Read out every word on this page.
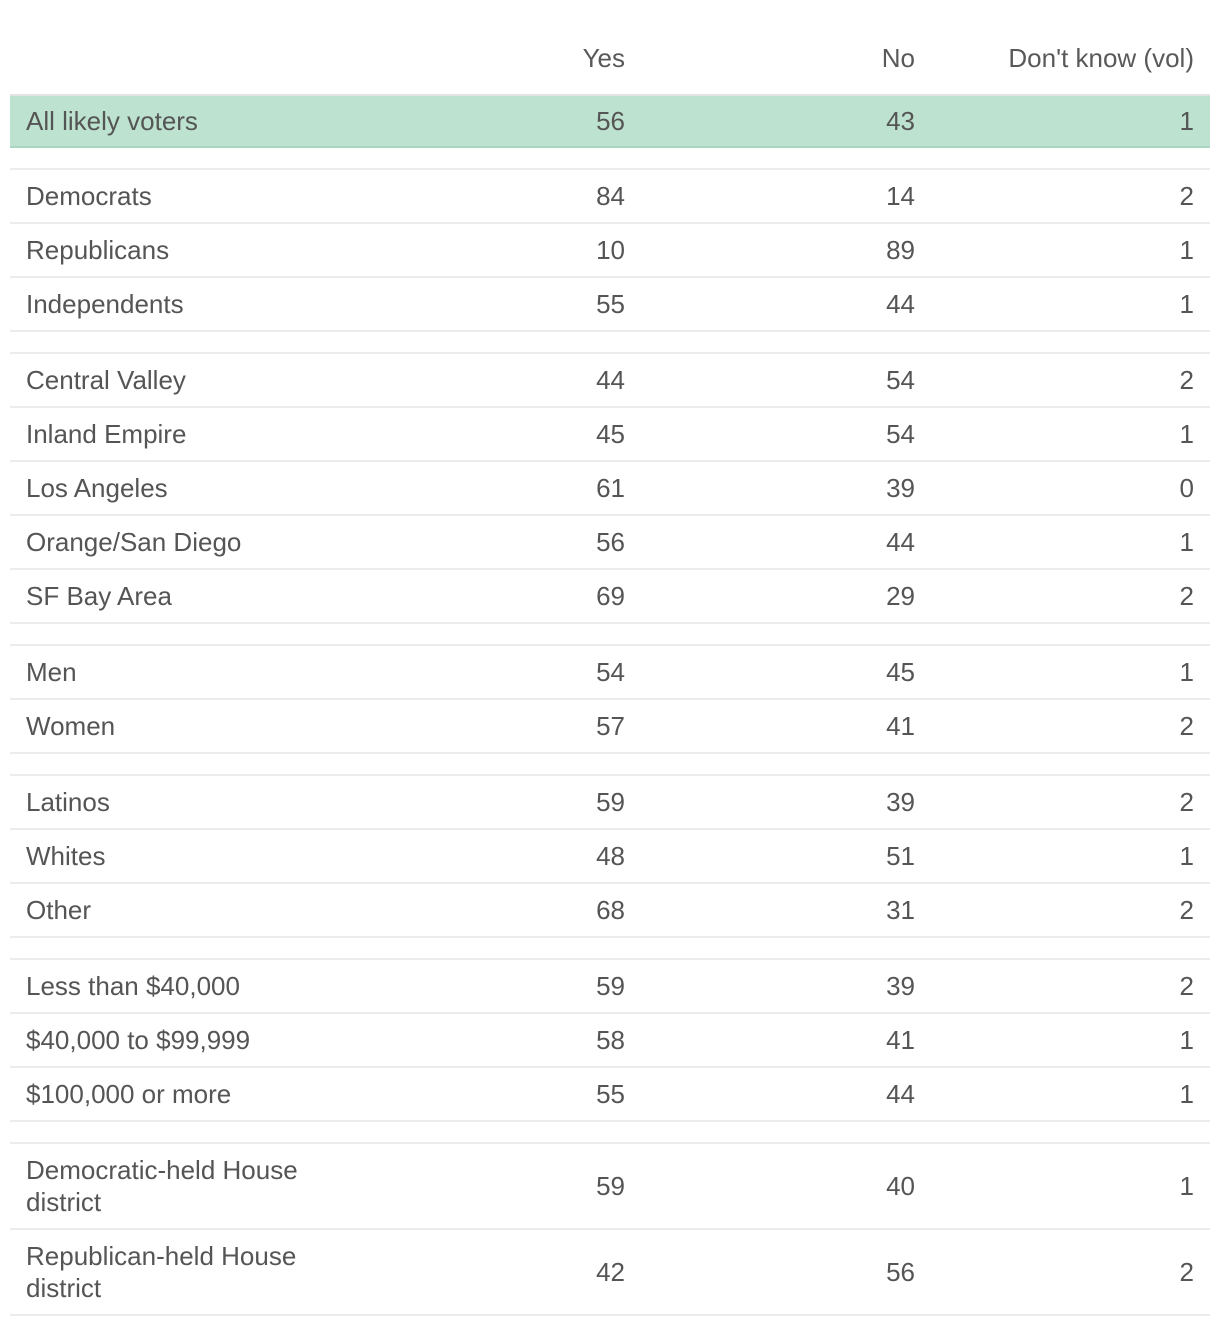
Yes	No	Don't know (vol)
All likely voters	56	43	1
Democrats	84	14	2
Republicans	10	89	1
Independents	55	44	1
Central Valley	44	54	2
Inland Empire	45	54	1
Los Angeles	61	39	0
Orange/San Diego	56	44	1
SF Bay Area	69	29	2
Men	54	45	1
Women	57	41	2
Latinos	59	39	2
Whites	48	51	1
Other	68	31	2
Less than $40,000	59	39	2
$40,000 to $99,999	58	41	1
$100,000 or more	55	44	1
Democratic-held House
district
59	40	1
Republican-held House
district
42	56	2
